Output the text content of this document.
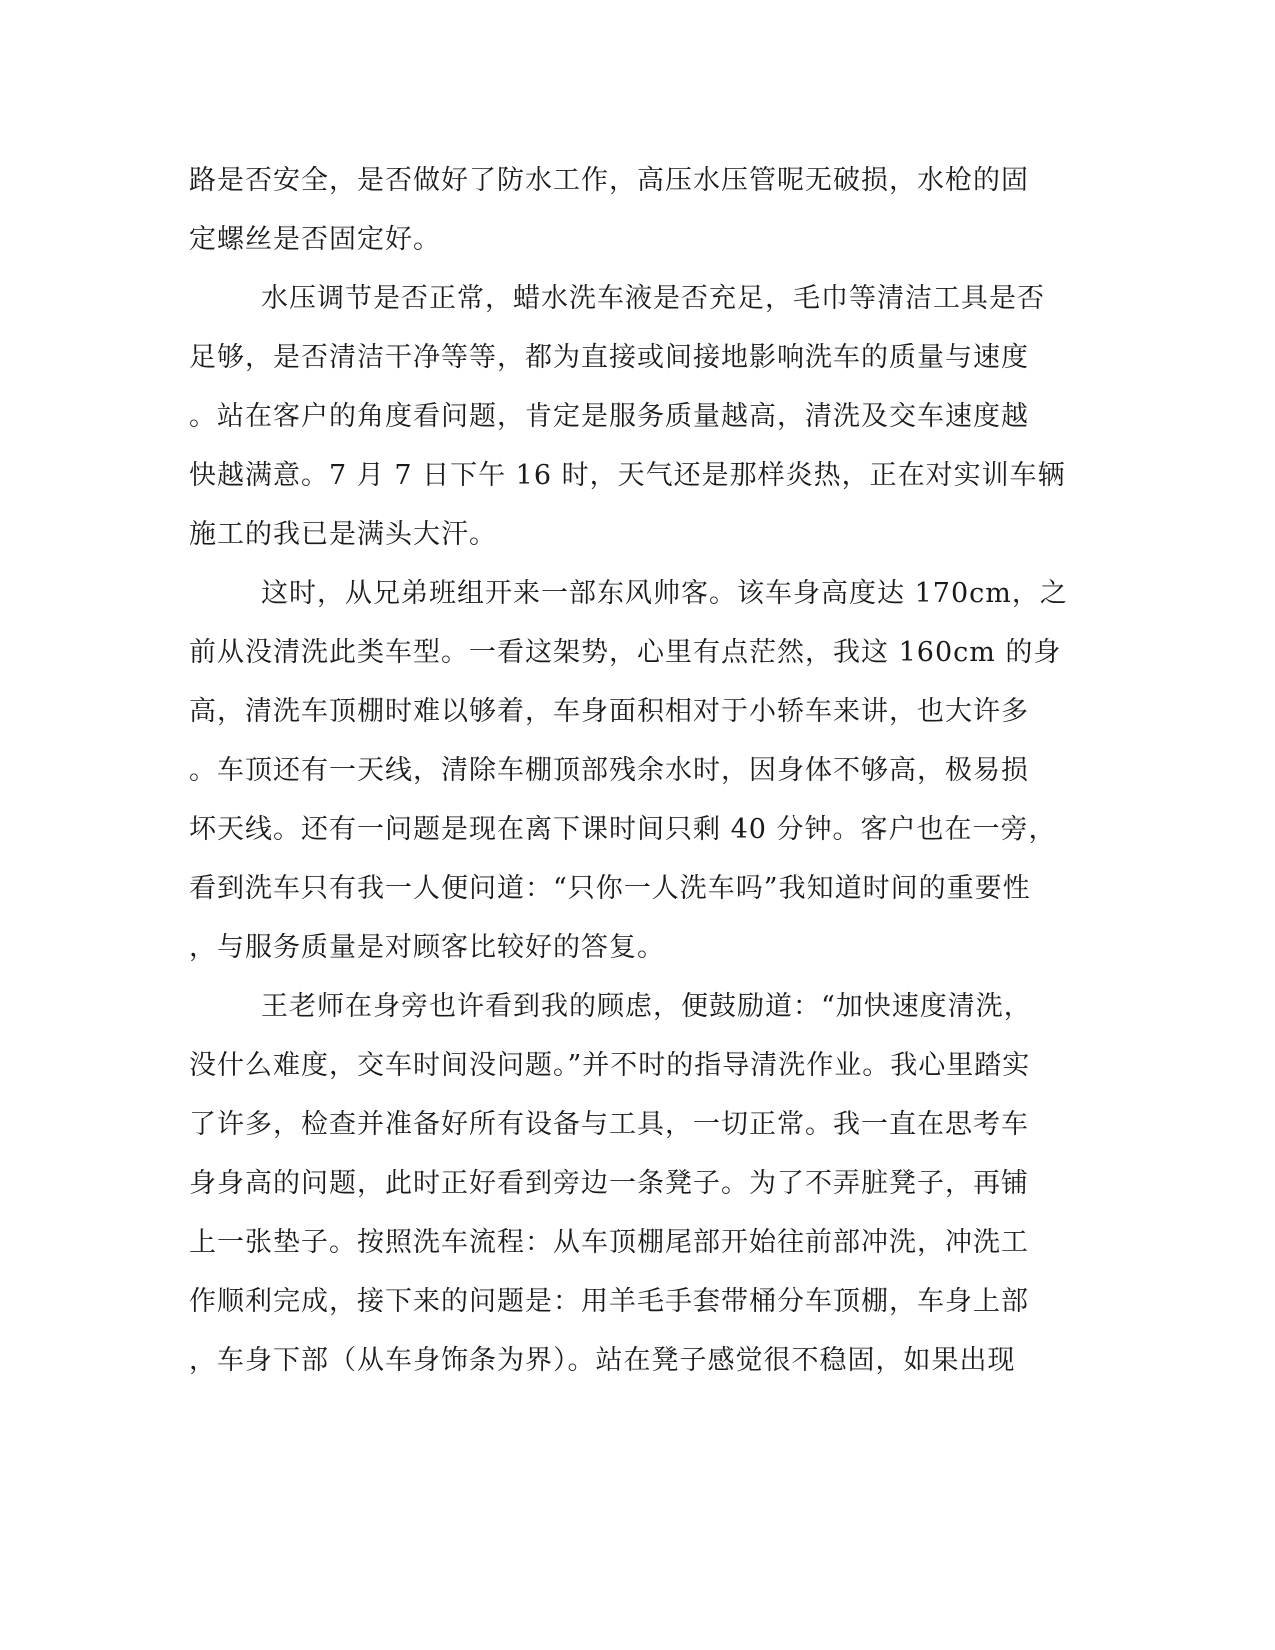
路是否安全，是否做好了防水工作，高压水压管呢无破损，水枪的固

定螺丝是否固定好。

水压调节是否正常，蜡水洗车液是否充足，毛巾等清洁工具是否

足够，是否清洁干净等等，都为直接或间接地影响洗车的质量与速度

。站在客户的角度看问题，肯定是服务质量越高，清洗及交车速度越

快越满意。7 月 7 日下午 16 时，天气还是那样炎热，正在对实训车辆

施工的我已是满头大汗。

这时，从兄弟班组开来一部东风帅客。该车身高度达 170cm，之

前从没清洗此类车型。一看这架势，心里有点茫然，我这 160cm 的身

高，清洗车顶棚时难以够着，车身面积相对于小轿车来讲，也大许多

。车顶还有一天线，清除车棚顶部残余水时，因身体不够高，极易损

坏天线。还有一问题是现在离下课时间只剩 40 分钟。客户也在一旁，

看到洗车只有我一人便问道：“只你一人洗车吗”我知道时间的重要性

，与服务质量是对顾客比较好的答复。

王老师在身旁也许看到我的顾虑，便鼓励道：“加快速度清洗，

没什么难度，交车时间没问题。”并不时的指导清洗作业。我心里踏实

了许多，检查并准备好所有设备与工具，一切正常。我一直在思考车

身身高的问题，此时正好看到旁边一条凳子。为了不弄脏凳子，再铺

上一张垫子。按照洗车流程：从车顶棚尾部开始往前部冲洗，冲洗工

作顺利完成，接下来的问题是：用羊毛手套带桶分车顶棚，车身上部

，车身下部（从车身饰条为界）。站在凳子感觉很不稳固，如果出现
